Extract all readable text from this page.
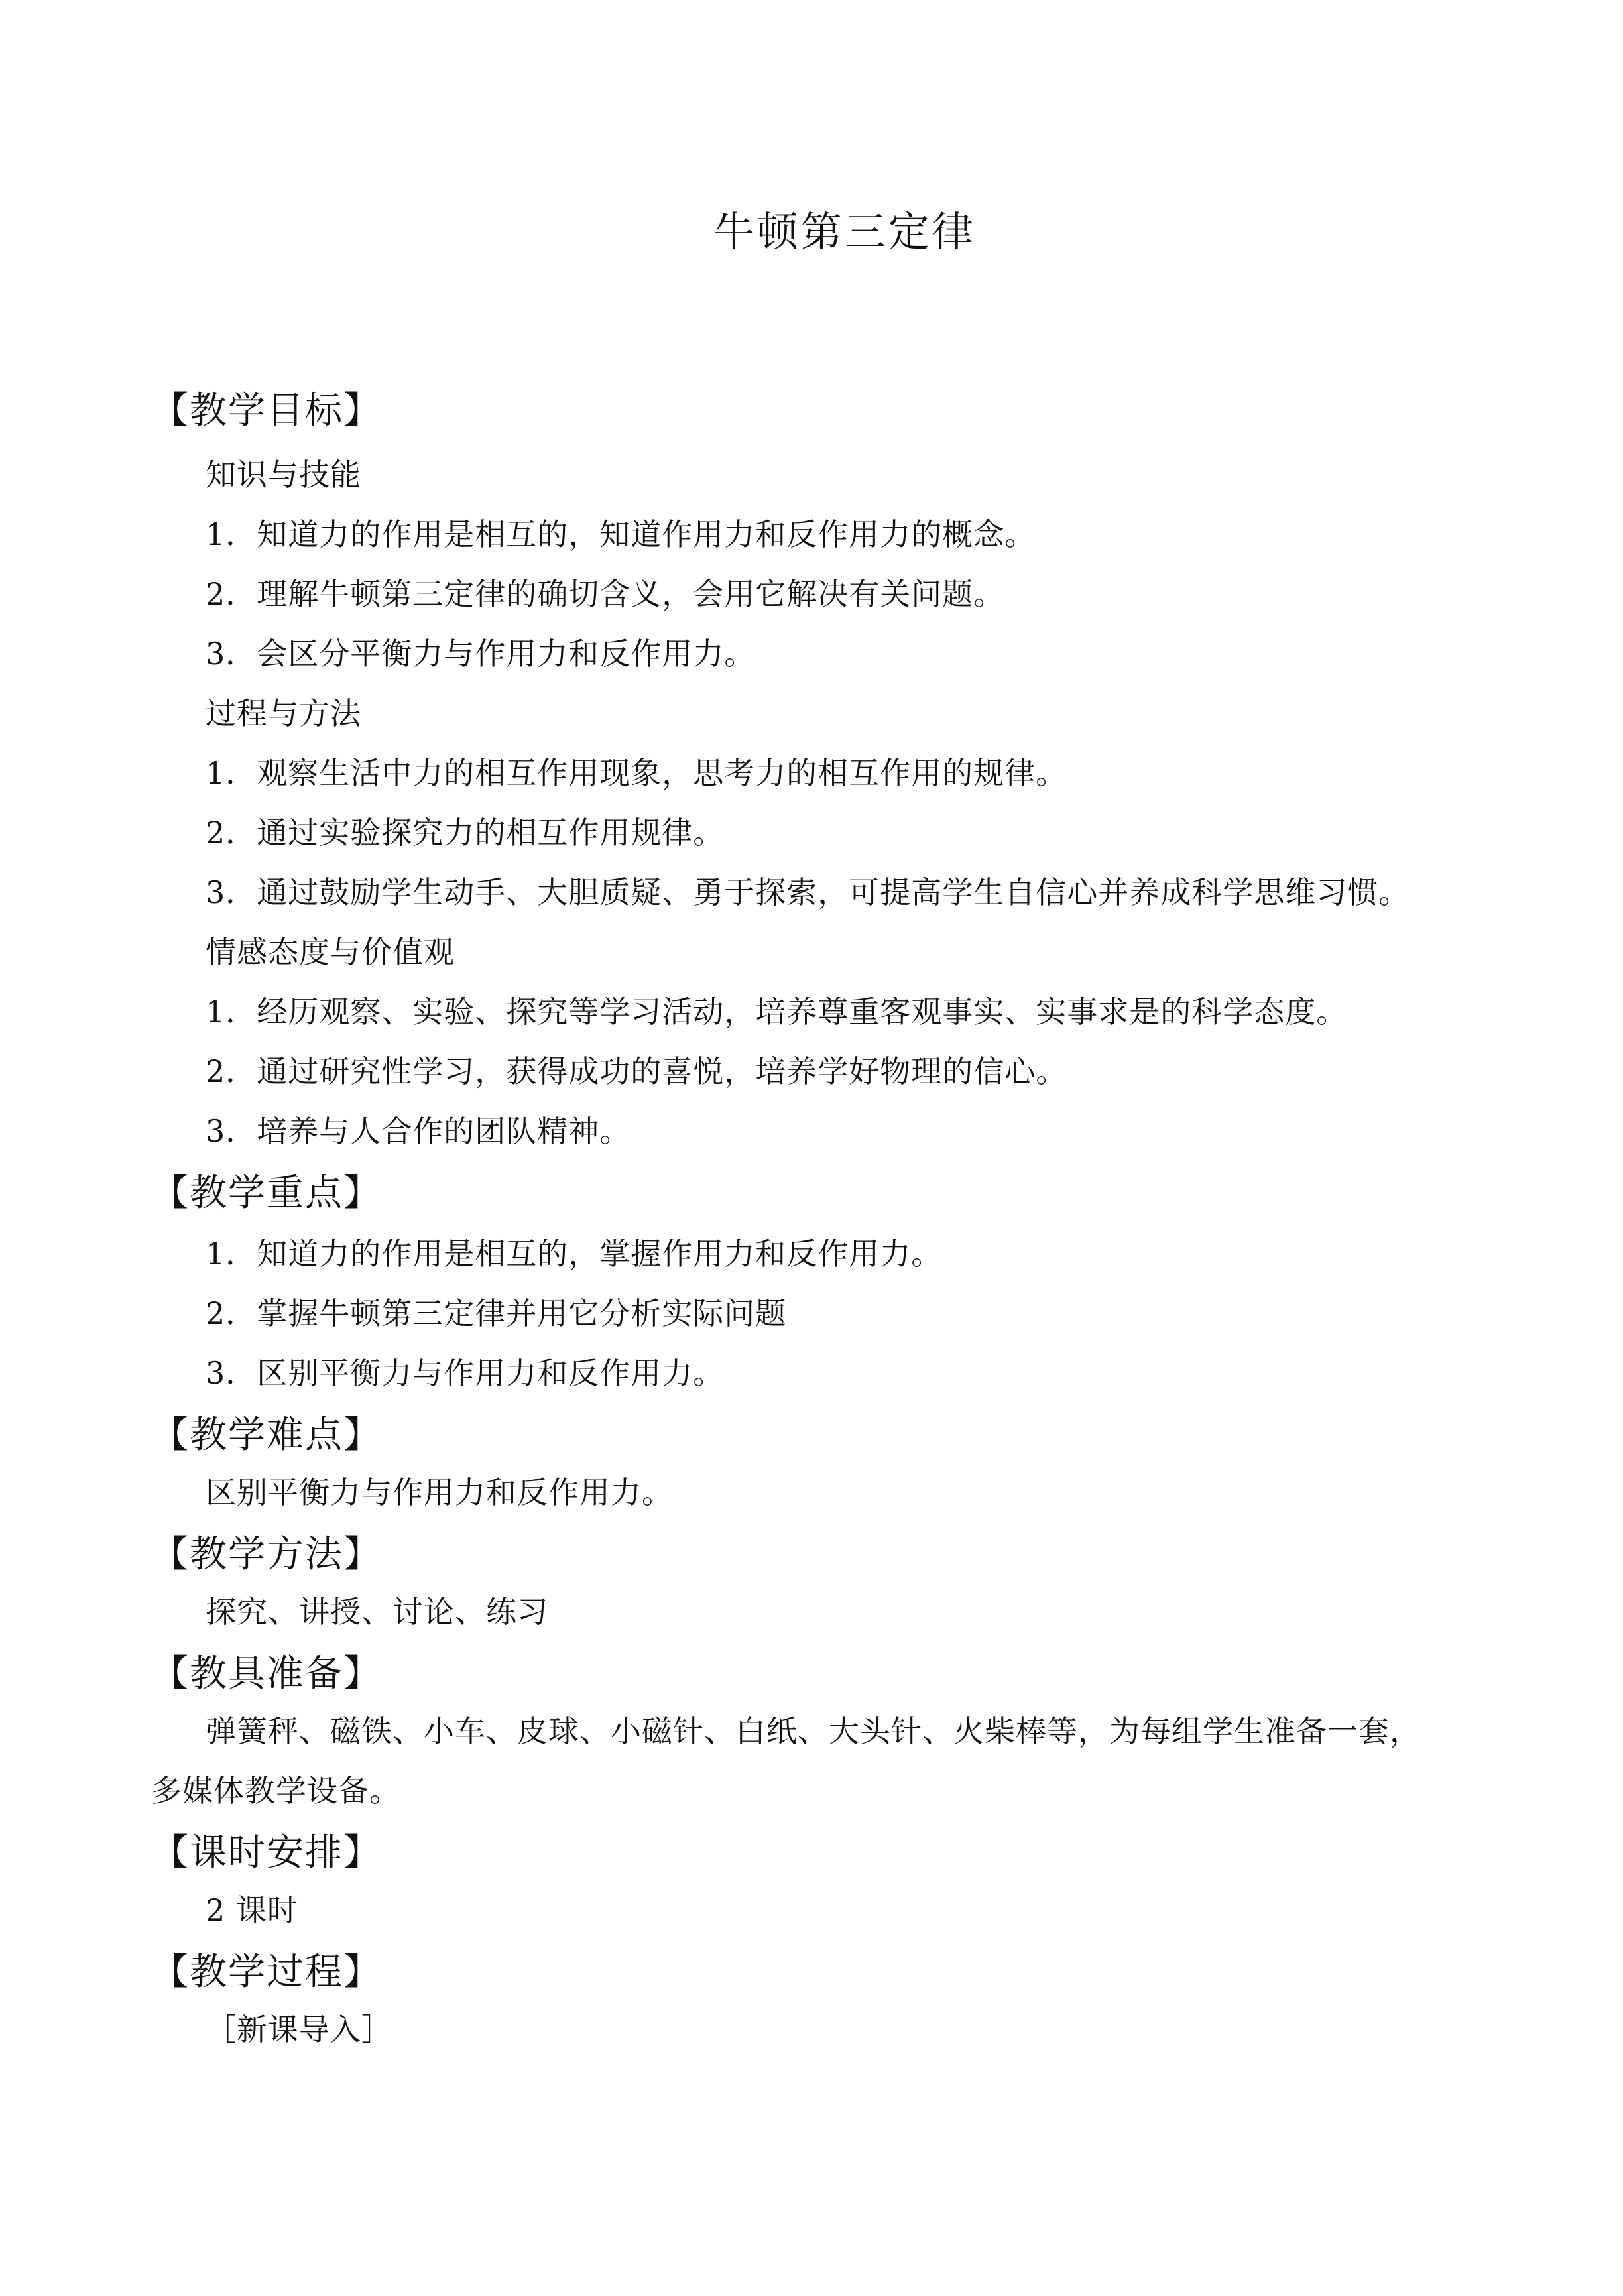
牛顿第三定律
【教学目标】
知识与技能
1．知道力的作用是相互的，知道作用力和反作用力的概念。
2．理解牛顿第三定律的确切含义，会用它解决有关问题。
3．会区分平衡力与作用力和反作用力。
过程与方法
1．观察生活中力的相互作用现象，思考力的相互作用的规律。
2．通过实验探究力的相互作用规律。
3．通过鼓励学生动手、大胆质疑、勇于探索，可提高学生自信心并养成科学思维习惯。
情感态度与价值观
1．经历观察、实验、探究等学习活动，培养尊重客观事实、实事求是的科学态度。
2．通过研究性学习，获得成功的喜悦，培养学好物理的信心。
3．培养与人合作的团队精神。
【教学重点】
1．知道力的作用是相互的，掌握作用力和反作用力。
2．掌握牛顿第三定律并用它分析实际问题
3．区别平衡力与作用力和反作用力。
【教学难点】
区别平衡力与作用力和反作用力。
【教学方法】
探究、讲授、讨论、练习
【教具准备】
弹簧秤、磁铁、小车、皮球、小磁针、白纸、大头针、火柴棒等，为每组学生准备一套，
多媒体教学设备。
【课时安排】
2 课时
【教学过程】
［新课导入］
